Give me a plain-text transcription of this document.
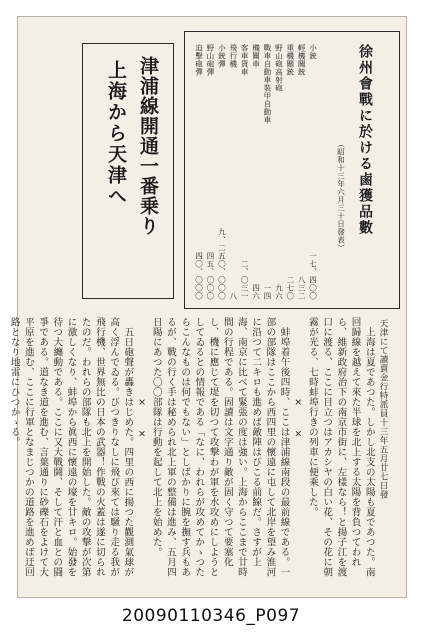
上海から天津へ 津浦線開通一番乗り	徐州會戰に於ける鹵獲品數
（昭和十三年六月三十日發表）
小銃
一七、四〇〇
輕機關銃
八三二
重機關銃
二七〇
野山砲高射砲
九六
戰車自動車裝甲自動車
一四
機關車
四六
客車貨車
二、〇三一
飛行機
八
小銃彈
九、二五〇、〇〇〇
野山砲彈
四五、〇〇〇
迫擊砲彈
四〇、〇〇〇

天津にて讀賣金行特派員十三年五月廿七日發

上海は夏であつた。しかし北支の太陽も夏であつた。南回歸線を越えて來た半球を北上する太陽を背負つてわれら、維新政府治下の南京市街に、左樣なら！と揚子江を渡口に渡る、ここに目立つはアカシヤの白い花、その花に朝霧が光る、七時蚌埠行きの列車に便乘した。

×　　×

蚌埠着午後四時、ここは津浦線南段の最前線である。一部の部隊はここから西四里の懷遠に屯して北岸を望み淮河に沿つて二キロも進めば敵陣はびこる前線だ。さすが上海、南京に比べて緊張の度は強い。上海からここまで廿時間の行程である。固讀は文字通り敵が固く守つて要塞化し、機に應じて堤を切つて攻撃わが軍を水攻めにしようとしてゐるとの情報である「なに、われらが攻めてかゝつたらこんなものは何でもない」としばかりに腕を撫す兵もあるが、戰の行く手は秘められ北上軍の整備は進み、五月四日陽にあつた〇〇部隊は行動を起して北上を始めた。

×　　×

五日砲聲が轟きはじめた。四里の西に揚つた觀測氣球が高く浮んでゐる。びつきりなしに飛び來ては騒り走る我が飛行機、世界無比の日本の武器！作戰の火蓋は遂に切られたのだ。われらの部隊も北上を開始した。敵の攻撃が次第に激しくなり、蚌埠から眞西に懷遠の壕を廿キロ。始發を待つ大纏動である。ここに又大戰鬪、そして汗と血との闘爭である。道なき道を進む、言葉通りに砂礫石をよけて大平原を進む、ここに行軍となまじつかの道路を進めば迂回路となり地雷にひつかゝる。

20090110346_P097
